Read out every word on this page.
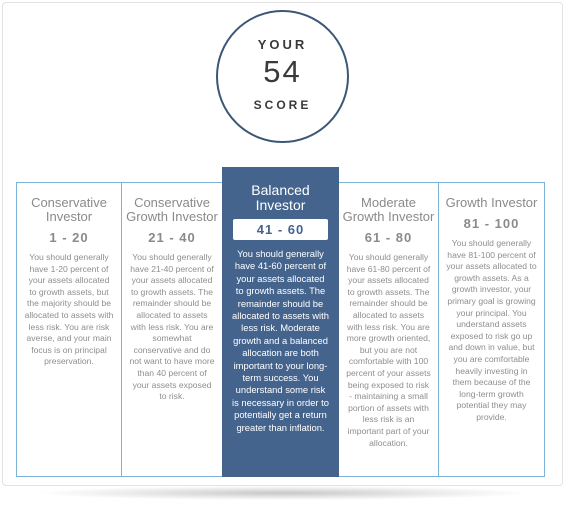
YOUR
54
SCORE
Conservative
Investor
1 - 20
You should generally have 1-20 percent of your assets allocated to growth assets, but the majority should be allocated to assets with less risk. You are risk averse, and your main focus is on principal preservation.
Conservative
Growth Investor
21 - 40
You should generally have 21-40 percent of your assets allocated to growth assets. The remainder should be allocated to assets with less risk. You are somewhat conservative and do not want to have more than 40 percent of your assets exposed to risk.
Moderate
Growth Investor
61 - 80
You should generally have 61-80 percent of your assets allocated to growth assets. The remainder should be allocated to assets with less risk. You are more growth oriented, but you are not comfortable with 100 percent of your assets being exposed to risk - maintaining a small portion of assets with less risk is an important part of your allocation.
Growth Investor
81 - 100
You should generally have 81-100 percent of your assets allocated to growth assets. As a growth investor, your primary goal is growing your principal. You understand assets exposed to risk go up and down in value, but you are comfortable heavily investing in them because of the long-term growth potential they may provide.
Balanced
Investor
41 - 60
You should generally have 41-60 percent of your assets allocated to growth assets. The remainder should be allocated to assets with less risk. Moderate growth and a balanced allocation are both important to your long-term success. You understand some risk is necessary in order to potentially get a return greater than inflation.
